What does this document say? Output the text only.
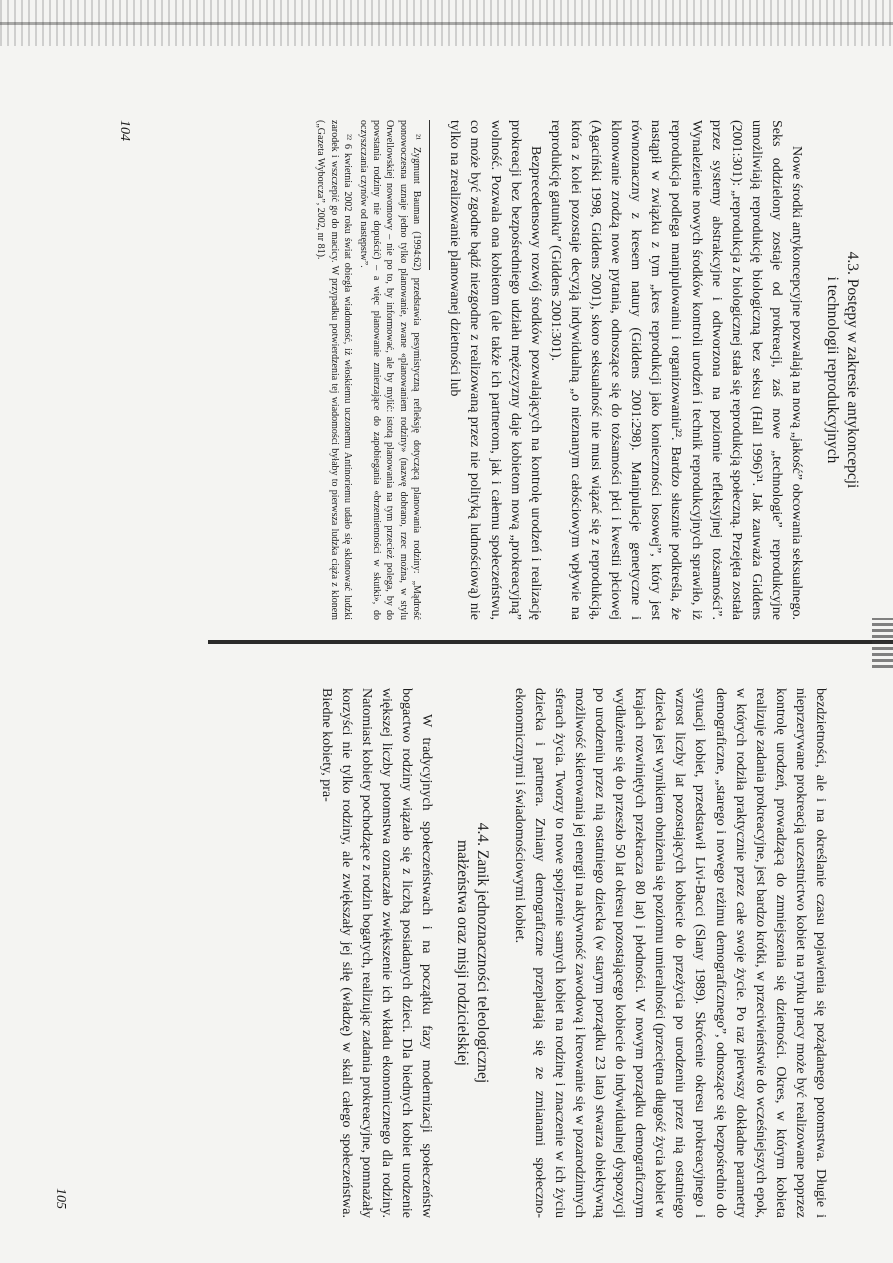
4.3. Postępy w zakresie antykoncepcji
i technologii reprodukcyjnych

Nowe środki antykoncepcyjne pozwalają na nową „jakość” obcowania seksualnego. Seks oddzielony zostaje od prokreacji, zaś nowe „technologie” reprodukcyjne umożliwiają reprodukcję biologiczną bez seksu (Hall 1996)²¹. Jak zauważa Giddens (2001:301): „reprodukcja z biologicznej stała się reprodukcją społeczną. Przejęta została przez systemy abstrakcyjne i odtworzona na poziomie refleksyjnej tożsamości”. Wynalezienie nowych środków kontroli urodzeń i technik reprodukcyjnych sprawiło, iż reprodukcja podlega manipulowaniu i organizowaniu²². Bardzo słusznie podkreśla, że nastąpił w związku z tym „kres reprodukcji jako konieczności losowej”, który jest równoznaczny z kresem natury (Giddens 2001:298). Manipulacje genetyczne i klonowanie zrodzą nowe pytania, odnoszące się do tożsamości płci i kwestii płciowej (Agaciński 1998, Giddens 2001), skoro seksualność nie musi wiązać się z reprodukcją, która z kolei pozostaje decyzją indywidualną „o nieznanym całościowym wpływie na reprodukcję gatunku” (Giddens 2001:301).

Bezprecedensowy rozwój środków pozwalających na kontrolę urodzeń i realizację prokreacji bez bezpośredniego udziału mężczyzny daje kobietom nową „prokreacyjną” wolność. Pozwala ona kobietom (ale także ich partnerom, jak i całemu społeczeństwu, co może być zgodne bądź niezgodne z realizowaną przez nie polityką ludnościową) nie tylko na zrealizowanie planowanej dzietności lub

²¹ Zygmunt Bauman (1994:62) przedstawia pesymistyczną refleksję dotyczącą planowania rodziny: „Mądrość ponowoczesna uznaje jedno tylko planowanie, zwane «planowaniem rodziny» (nazwę dobrano, rzec można, w stylu Orwellowskiej nowomowy – nie po to, by informować, ale by mylić: istotą planowania na tym przecież polega, by do powstania rodziny nie dopuścić) – a więc planowanie zmierzające do zapobiegania «brzemienności w skutki», do oczyszczania czynów od następstw”.

²² 6 kwietnia 2002 roku świat obiegła wiadomość, iż włoskiemu uczonemu Antinoriemu udało się sklonować ludzki zarodek i wszczepić go do macicy. W przypadku potwierdzenia tej wiadomości byłaby to pierwsza ludzka ciąża z klonem („Gazeta Wyborcza”, 2002, nr 81).

104

bezdzietności, ale i na określanie czasu pojawienia się pożądanego potomstwa. Długie i nieprzerywane prokreacją uczestnictwo kobiet na rynku pracy może być realizowane poprzez kontrolę urodzeń, prowadzącą do zmniejszenia się dzietności. Okres, w którym kobieta realizuje zadania prokreacyjne, jest bardzo krótki, w przeciwieństwie do wcześniejszych epok, w których rodziła praktycznie przez całe swoje życie. Po raz pierwszy dokładne parametry demograficzne, „starego i nowego reżimu demograficznego”, odnoszące się bezpośrednio do sytuacji kobiet, przedstawił Livi-Bacci (Slany 1989). Skrócenie okresu prokreacyjnego i wzrost liczby lat pozostających kobiecie do przeżycia po urodzeniu przez nią ostatniego dziecka jest wynikiem obniżenia się poziomu umieralności (przeciętna długość życia kobiet w krajach rozwiniętych przekracza 80 lat) i płodności. W nowym porządku demograficznym wydłużenie się do przeszło 50 lat okresu pozostającego kobiecie do indywidualnej dyspozycji po urodzeniu przez nią ostatniego dziecka (w starym porządku 23 lata) stwarza obiektywną możliwość skierowania jej energii na aktywność zawodową i kreowanie się w pozarodzinnych sferach życia. Tworzy to nowe spojrzenie samych kobiet na rodzinę i znaczenie w ich życiu dziecka i partnera. Zmiany demograficzne przeplatają się ze zmianami społeczno-ekonomicznymi i świadomościowymi kobiet.

4.4. Zanik jednoznaczności teleologicznej
małżeństwa oraz misji rodzicielskiej

W tradycyjnych społeczeństwach i na początku fazy modernizacji społeczeństw bogactwo rodziny wiązało się z liczbą posiadanych dzieci. Dla biednych kobiet urodzenie większej liczby potomstwa oznaczało zwiększenie ich wkładu ekonomicznego dla rodziny. Natomiast kobiety pochodzące z rodzin bogatych, realizując zadania prokreacyjne, pomnażały korzyści nie tylko rodziny, ale zwiększały jej siłę (władzę) w skali całego społeczeństwa. Biedne kobiety, pra-

105
